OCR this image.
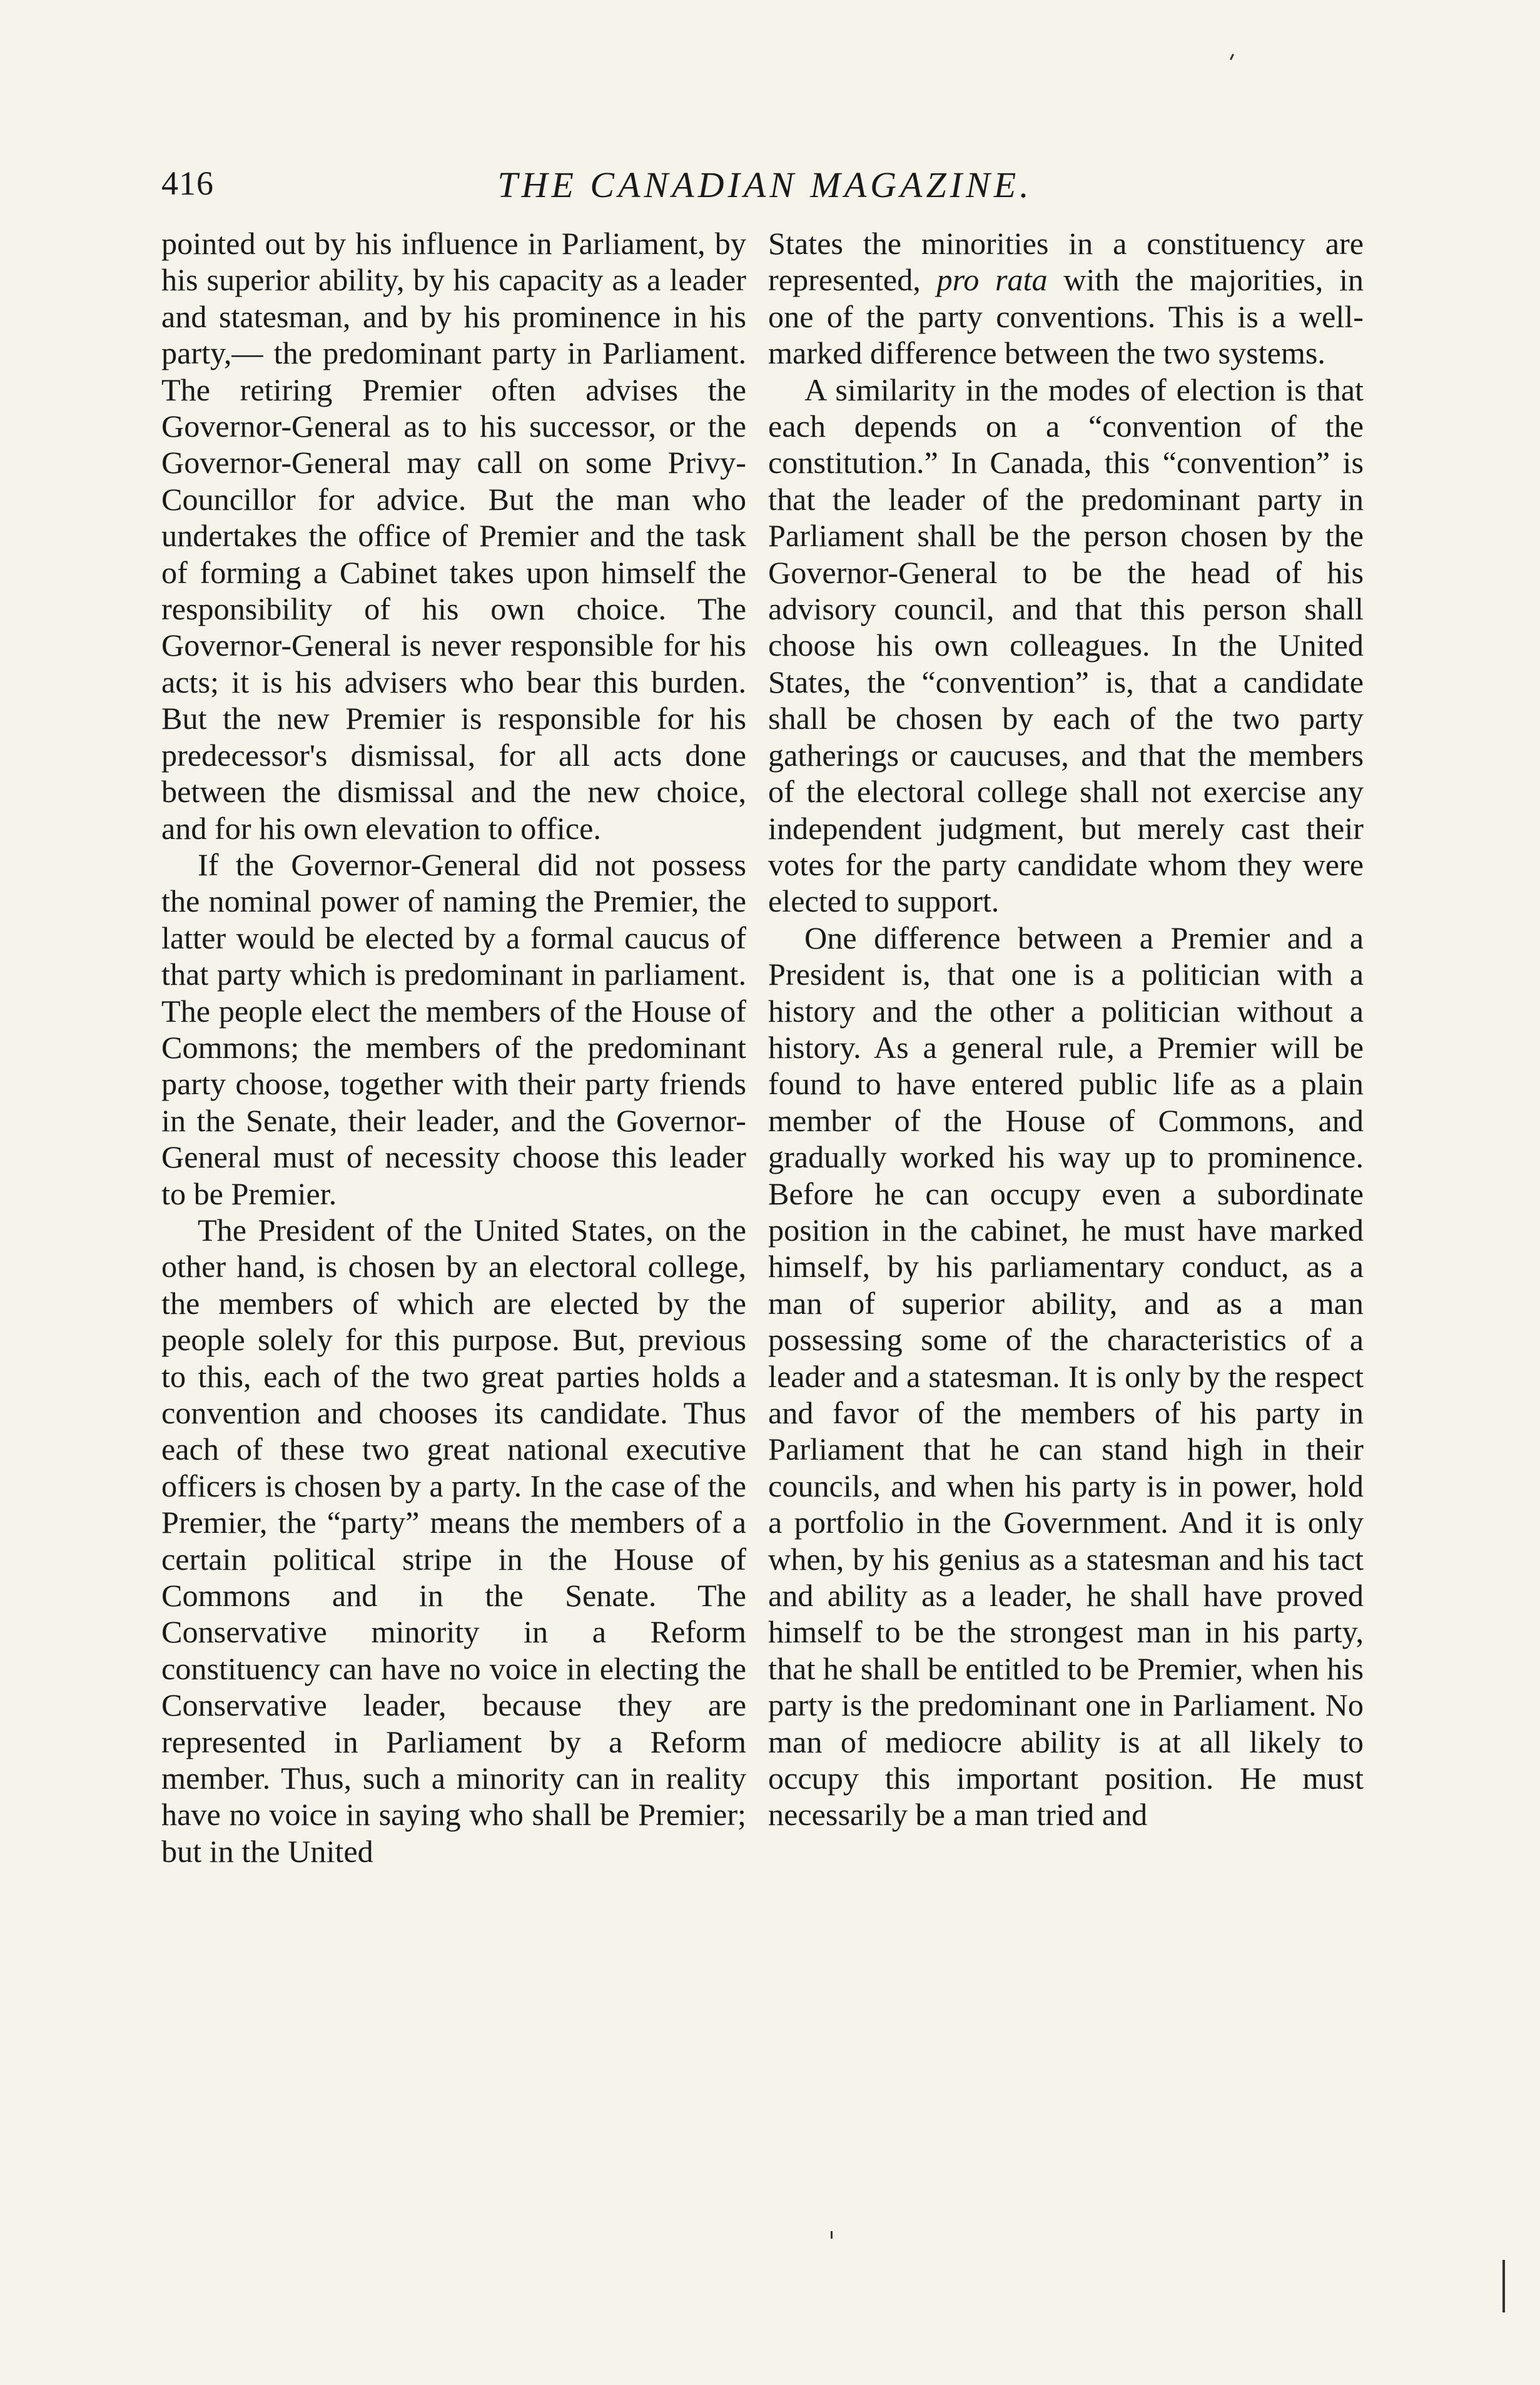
416	THE CANADIAN MAGAZINE.

pointed out by his influence in Parliament, by his superior ability, by his capacity as a leader and statesman, and by his prominence in his party,— the predominant party in Parliament. The retiring Premier often advises the Governor-General as to his successor, or the Governor-General may call on some Privy-Councillor for advice. But the man who undertakes the office of Premier and the task of forming a Cabinet takes upon himself the responsibility of his own choice. The Governor-General is never responsible for his acts; it is his advisers who bear this burden. But the new Premier is responsible for his predecessor's dismissal, for all acts done between the dismissal and the new choice, and for his own elevation to office.

If the Governor-General did not possess the nominal power of naming the Premier, the latter would be elected by a formal caucus of that party which is predominant in parliament. The people elect the members of the House of Commons; the members of the predominant party choose, together with their party friends in the Senate, their leader, and the Governor-General must of necessity choose this leader to be Premier.

The President of the United States, on the other hand, is chosen by an electoral college, the members of which are elected by the people solely for this purpose. But, previous to this, each of the two great parties holds a convention and chooses its candidate. Thus each of these two great national executive officers is chosen by a party. In the case of the Premier, the “party” means the members of a certain political stripe in the House of Commons and in the Senate. The Conservative minority in a Reform constituency can have no voice in electing the Conservative leader, because they are represented in Parliament by a Reform member. Thus, such a minority can in reality have no voice in saying who shall be Premier; but in the United

States the minorities in a constituency are represented, pro rata with the majorities, in one of the party conventions. This is a well-marked difference between the two systems.

A similarity in the modes of election is that each depends on a “convention of the constitution.” In Canada, this “convention” is that the leader of the predominant party in Parliament shall be the person chosen by the Governor-General to be the head of his advisory council, and that this person shall choose his own colleagues. In the United States, the “convention” is, that a candidate shall be chosen by each of the two party gatherings or caucuses, and that the members of the electoral college shall not exercise any independent judgment, but merely cast their votes for the party candidate whom they were elected to support.

One difference between a Premier and a President is, that one is a politician with a history and the other a politician without a history. As a general rule, a Premier will be found to have entered public life as a plain member of the House of Commons, and gradually worked his way up to prominence. Before he can occupy even a subordinate position in the cabinet, he must have marked himself, by his parliamentary conduct, as a man of superior ability, and as a man possessing some of the characteristics of a leader and a statesman. It is only by the respect and favor of the members of his party in Parliament that he can stand high in their councils, and when his party is in power, hold a portfolio in the Government. And it is only when, by his genius as a statesman and his tact and ability as a leader, he shall have proved himself to be the strongest man in his party, that he shall be entitled to be Premier, when his party is the predominant one in Parliament. No man of mediocre ability is at all likely to occupy this important position. He must necessarily be a man tried and
